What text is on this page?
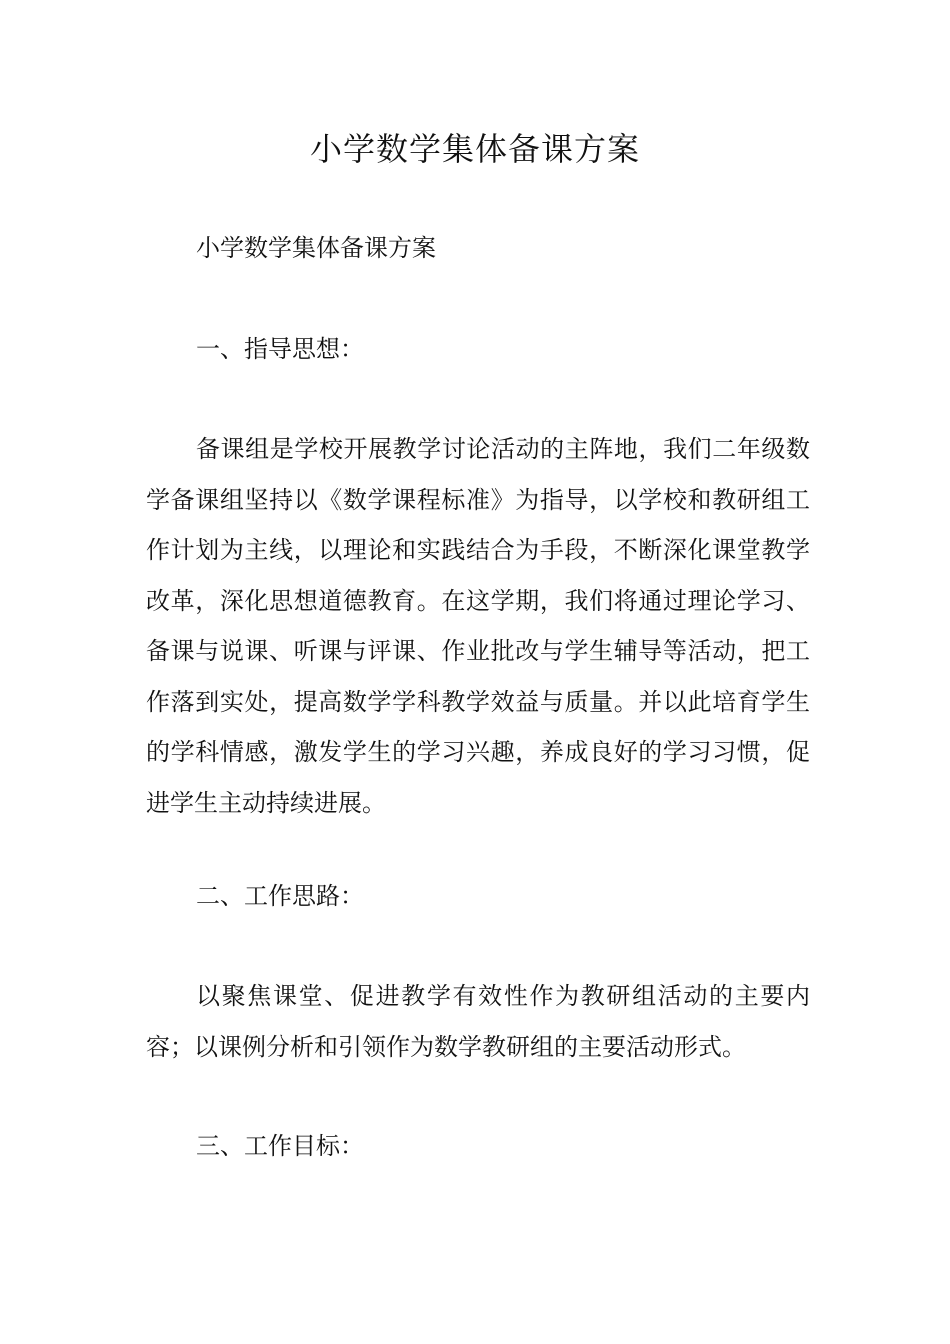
小学数学集体备课方案

小学数学集体备课方案

一、指导思想：

备课组是学校开展教学讨论活动的主阵地，我们二年级数学备课组坚持以《数学课程标准》为指导，以学校和教研组工作计划为主线，以理论和实践结合为手段，不断深化课堂教学改革，深化思想道德教育。在这学期，我们将通过理论学习、备课与说课、听课与评课、作业批改与学生辅导等活动，把工作落到实处，提高数学学科教学效益与质量。并以此培育学生的学科情感，激发学生的学习兴趣，养成良好的学习习惯，促进学生主动持续进展。

二、工作思路：

以聚焦课堂、促进教学有效性作为教研组活动的主要内容；以课例分析和引领作为数学教研组的主要活动形式。

三、工作目标：
